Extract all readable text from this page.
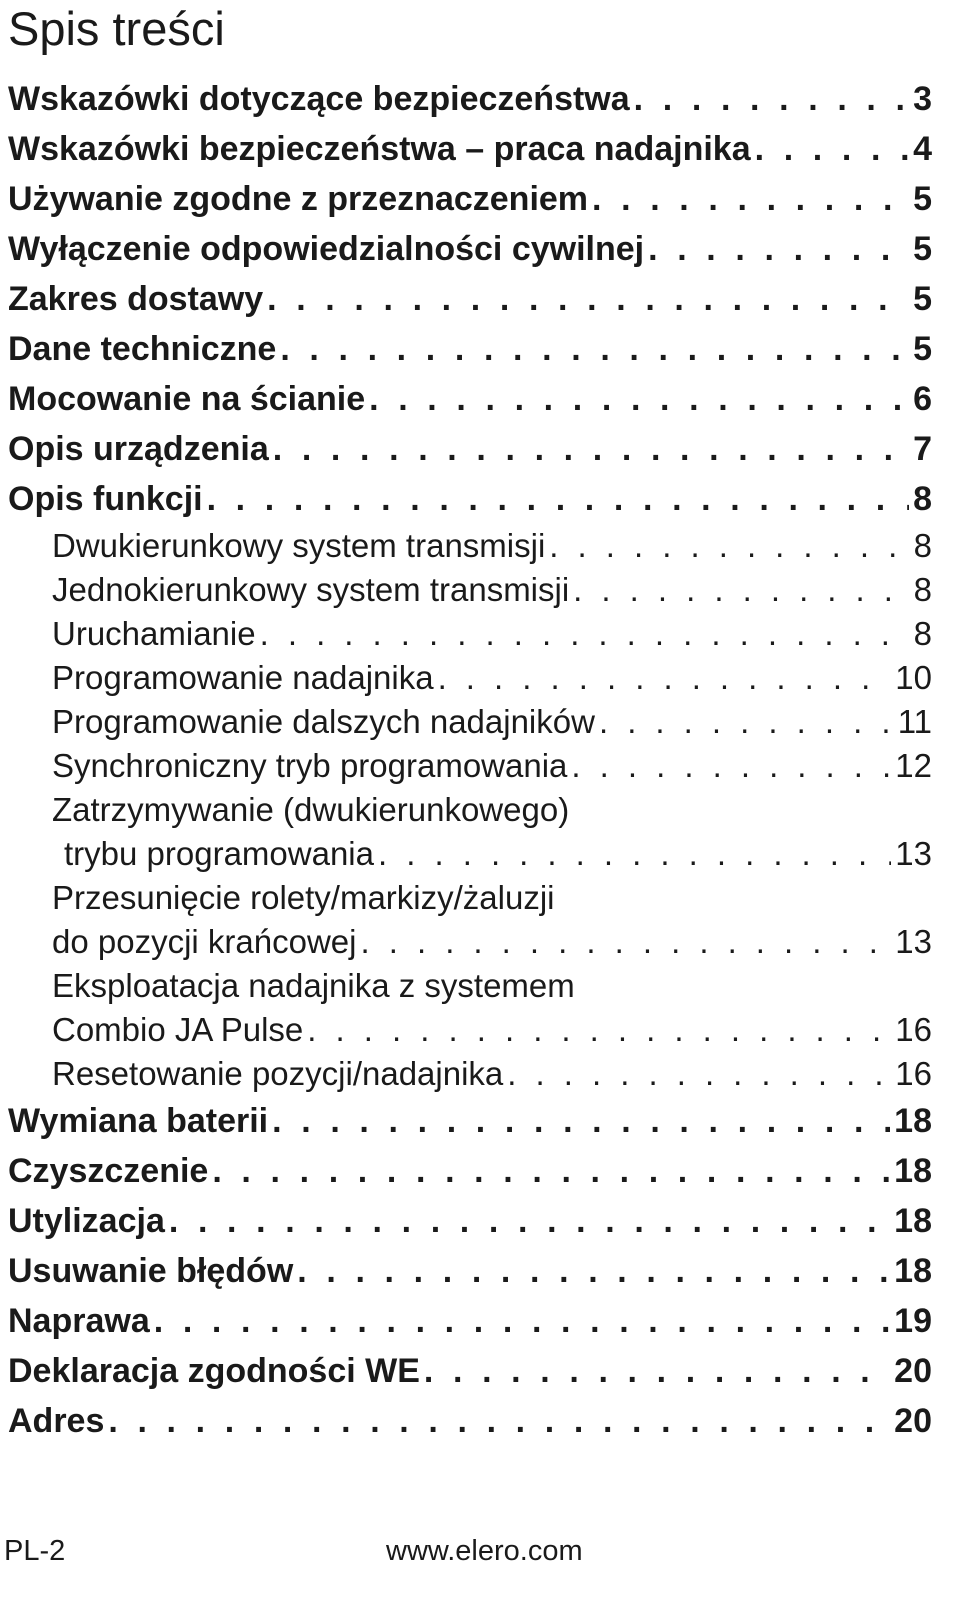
Spis treści
Wskazówki dotyczące bezpieczeństwa . . .	3
Wskazówki bezpieczeństwa – praca nadajnika . . .	4
Używanie zgodne z przeznaczeniem . . .	5
Wyłączenie odpowiedzialności cywilnej . . .	5
Zakres dostawy . . .	5
Dane techniczne . . .	5
Mocowanie na ścianie . . .	6
Opis urządzenia . . .	7
Opis funkcji . . .	8
Dwukierunkowy system transmisji . . .	8
Jednokierunkowy system transmisji . . .	8
Uruchamianie . . .	8
Programowanie nadajnika . . .	10
Programowanie dalszych nadajników . . .	11
Synchroniczny tryb programowania . . .	12
Zatrzymywanie (dwukierunkowego)
trybu programowania . . .	13
Przesunięcie rolety/markizy/żaluzji
do pozycji krańcowej . . .	13
Eksploatacja nadajnika z systemem
Combio JA Pulse . . .	16
Resetowanie pozycji/nadajnika . . .	16
Wymiana baterii . . .	18
Czyszczenie . . .	18
Utylizacja . . .	18
Usuwanie błędów . . .	18
Naprawa . . .	19
Deklaracja zgodności WE . . .	20
Adres . . .	20
PL-2	www.elero.com
